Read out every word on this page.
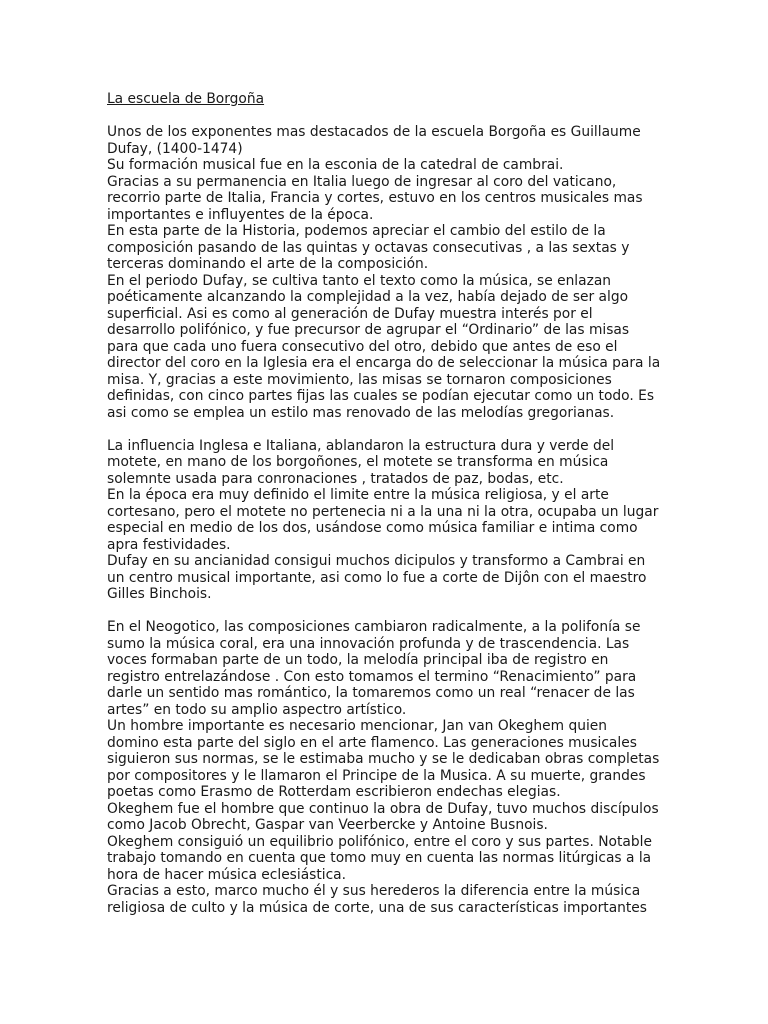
La escuela de Borgoña
Unos de los exponentes mas destacados de la escuela Borgoña es Guillaume
Dufay, (1400-1474)
Su formación musical fue en la esconia de la catedral de cambrai.
Gracias a su permanencia en Italia luego de ingresar al coro del vaticano,
recorrio parte de Italia, Francia y cortes, estuvo en los centros musicales mas
importantes e influyentes de la época.
En esta parte de la Historia, podemos apreciar el cambio del estilo de la
composición pasando de las quintas y octavas consecutivas , a las sextas y
terceras dominando el arte de la composición.
En el periodo Dufay, se cultiva tanto el texto como la música, se enlazan
poéticamente alcanzando la complejidad a la vez, había dejado de ser algo
superficial. Asi es como al generación de Dufay muestra interés por el
desarrollo polifónico, y fue precursor de agrupar el “Ordinario” de las misas
para que cada uno fuera consecutivo del otro, debido que antes de eso el
director del coro en la Iglesia era el encarga do de seleccionar la música para la
misa. Y, gracias a este movimiento, las misas se tornaron composiciones
definidas, con cinco partes fijas las cuales se podían ejecutar como un todo. Es
asi como se emplea un estilo mas renovado de las melodías gregorianas.
La influencia Inglesa e Italiana, ablandaron la estructura dura y verde del
motete, en mano de los borgoñones, el motete se transforma en música
solemnte usada para conronaciones , tratados de paz, bodas, etc.
En la época era muy definido el limite entre la música religiosa, y el arte
cortesano, pero el motete no pertenecia ni a la una ni la otra, ocupaba un lugar
especial en medio de los dos, usándose como música familiar e intima como
apra festividades.
Dufay en su ancianidad consigui muchos dicipulos y transformo a Cambrai en
un centro musical importante, asi como lo fue a corte de Dijôn con el maestro
Gilles Binchois.
En el Neogotico, las composiciones cambiaron radicalmente, a la polifonía se
sumo la música coral, era una innovación profunda y de trascendencia. Las
voces formaban parte de un todo, la melodía principal iba de registro en
registro entrelazándose . Con esto tomamos el termino “Renacimiento” para
darle un sentido mas romántico, la tomaremos como un real “renacer de las
artes” en todo su amplio aspectro artístico.
Un hombre importante es necesario mencionar, Jan van Okeghem quien
domino esta parte del siglo en el arte flamenco. Las generaciones musicales
siguieron sus normas, se le estimaba mucho y se le dedicaban obras completas
por compositores y le llamaron el Principe de la Musica. A su muerte, grandes
poetas como Erasmo de Rotterdam escribieron endechas elegias.
Okeghem fue el hombre que continuo la obra de Dufay, tuvo muchos discípulos
como Jacob Obrecht, Gaspar van Veerbercke y Antoine Busnois.
Okeghem consiguió un equilibrio polifónico, entre el coro y sus partes. Notable
trabajo tomando en cuenta que tomo muy en cuenta las normas litúrgicas a la
hora de hacer música eclesiástica.
Gracias a esto, marco mucho él y sus herederos la diferencia entre la música
religiosa de culto y la música de corte, una de sus características importantes
